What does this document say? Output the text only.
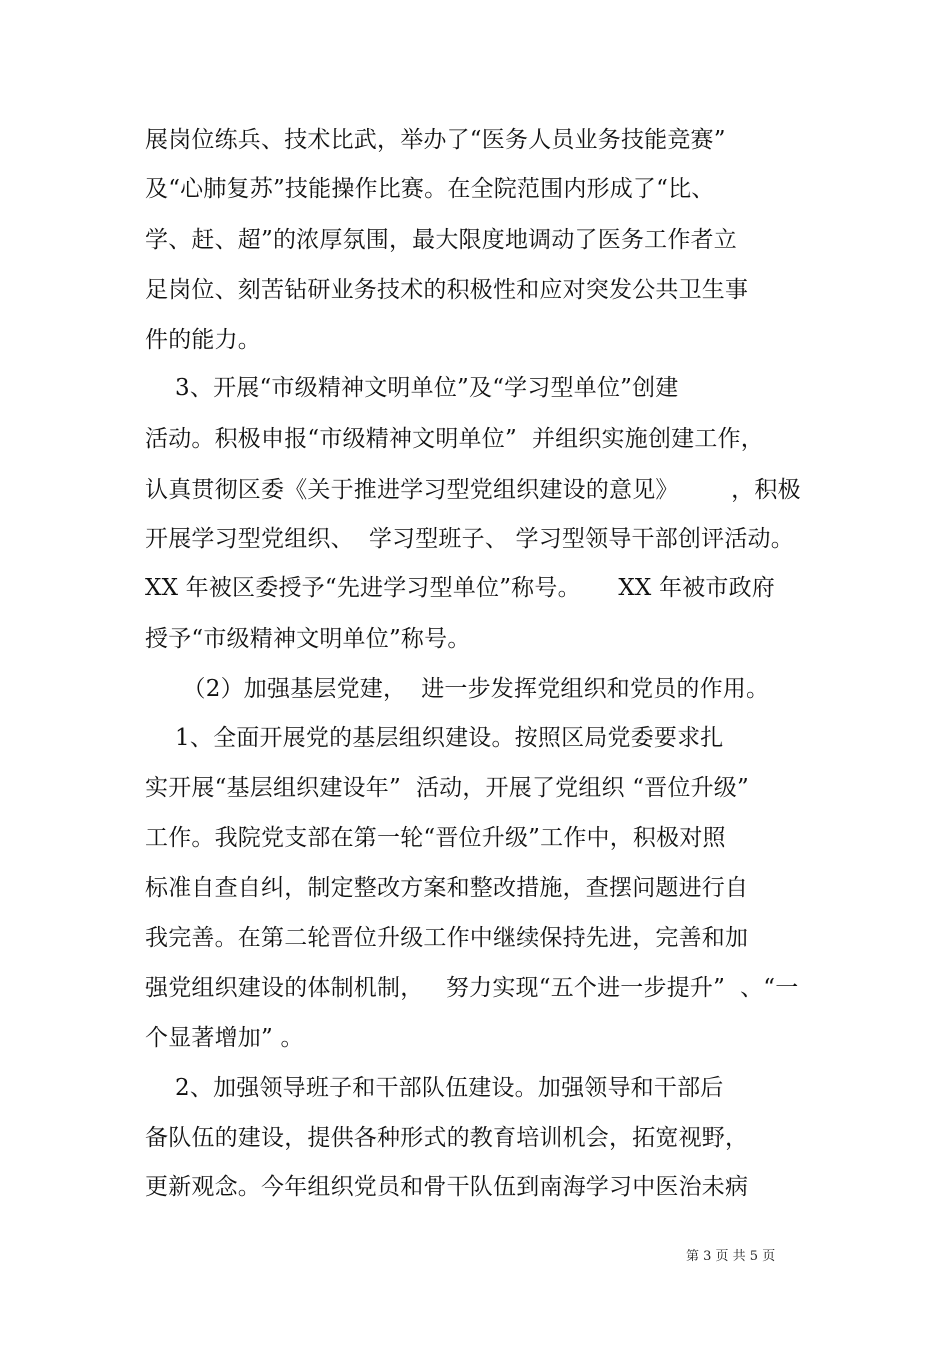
展岗位练兵、技术比武，举办了“医务人员业务技能竞赛”
及“心肺复苏”技能操作比赛。在全院范围内形成了“比、
学、赶、超”的浓厚氛围，最大限度地调动了医务工作者立
足岗位、刻苦钻研业务技术的积极性和应对突发公共卫生事
件的能力。
3、开展“市级精神文明单位”及“学习型单位”创建
活动。积极申报“市级精神文明单位”  并组织实施创建工作，
认真贯彻区委《关于推进学习型党组织建设的意见》       ，积极
开展学习型党组织、  学习型班子、 学习型领导干部创评活动。
XX 年被区委授予“先进学习型单位”称号。     XX 年被市政府
授予“市级精神文明单位”称号。
（2）加强基层党建，  进一步发挥党组织和党员的作用。
1、全面开展党的基层组织建设。按照区局党委要求扎
实开展“基层组织建设年”  活动，开展了党组织 “晋位升级”
工作。我院党支部在第一轮“晋位升级”工作中，积极对照
标准自查自纠，制定整改方案和整改措施，查摆问题进行自
我完善。在第二轮晋位升级工作中继续保持先进，完善和加
强党组织建设的体制机制，   努力实现“五个进一步提升”  、“一
个显著增加” 。
2、加强领导班子和干部队伍建设。加强领导和干部后
备队伍的建设，提供各种形式的教育培训机会，拓宽视野，
更新观念。今年组织党员和骨干队伍到南海学习中医治未病
第 3 页 共 5 页
